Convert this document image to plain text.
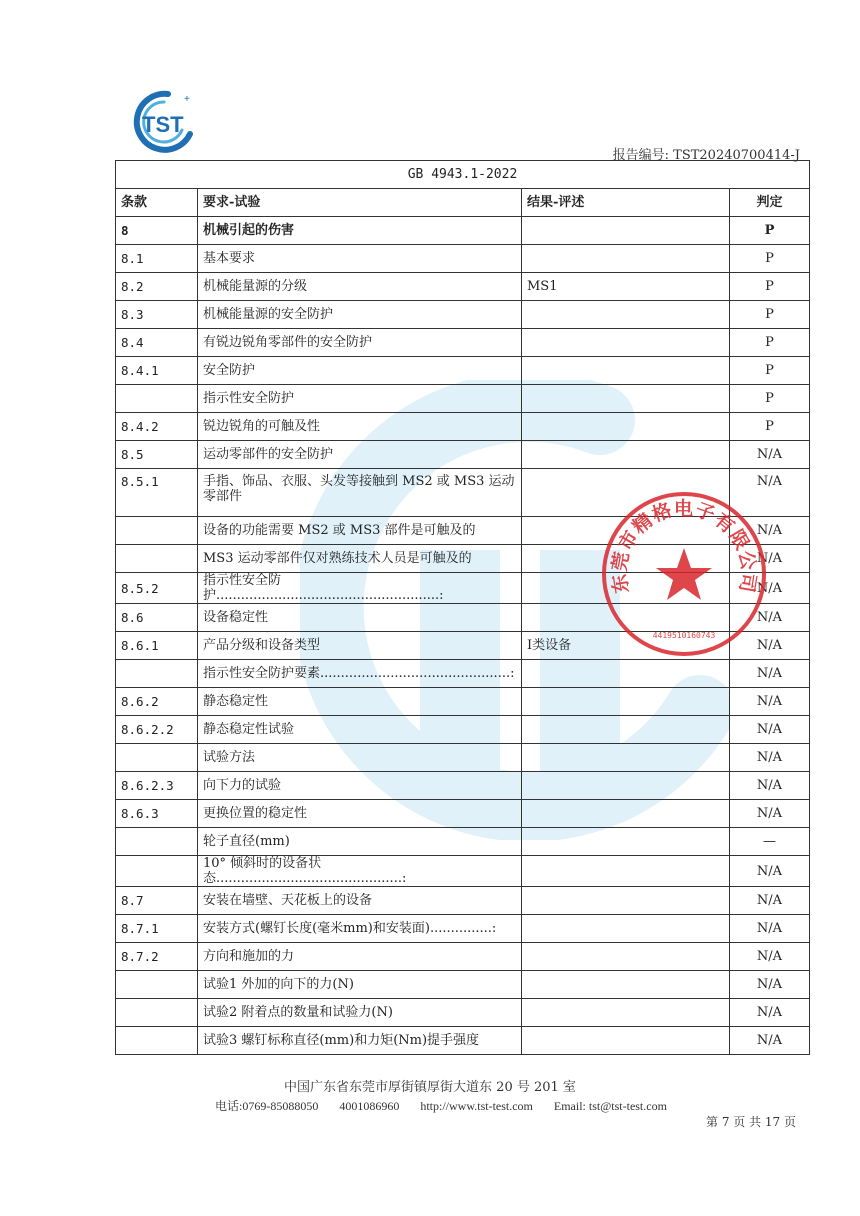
TST
+
报告编号: TST20240700414-J
GB 4943.1-2022			
条款	要求-试验	结果-评述	判定
8	机械引起的伤害		P
8.1	基本要求		P
8.2	机械能量源的分级	MS1	P
8.3	机械能量源的安全防护		P
8.4	有锐边锐角零部件的安全防护		P
8.4.1	安全防护		P
	指示性安全防护		P
8.4.2	锐边锐角的可触及性		P
8.5	运动零部件的安全防护		N/A
8.5.1	手指、饰品、衣服、头发等接触到 MS2 或 MS3 运动零部件		N/A
	设备的功能需要 MS2 或 MS3 部件是可触及的		N/A
	MS3 运动零部件仅对熟练技术人员是可触及的		N/A
8.5.2	指示性安全防护......................................................:		N/A
8.6	设备稳定性		N/A
8.6.1	产品分级和设备类型	I类设备	N/A
	指示性安全防护要素..............................................:		N/A
8.6.2	静态稳定性		N/A
8.6.2.2	静态稳定性试验		N/A
	试验方法		N/A
8.6.2.3	向下力的试验		N/A
8.6.3	更换位置的稳定性		N/A
	轮子直径(mm)		—
	10° 倾斜时的设备状态.............................................:		N/A
8.7	安装在墙壁、天花板上的设备		N/A
8.7.1	安装方式(螺钉长度(毫米mm)和安装面)...............:		N/A
8.7.2	方向和施加的力		N/A
	试验1 外加的向下的力(N)		N/A
	试验2 附着点的数量和试验力(N)		N/A
	试验3 螺钉标称直径(mm)和力矩(Nm)提手强度		N/A
东莞市精格电子有限公司
4419510160743
中国广东省东莞市厚街镇厚街大道东 20 号 201 室
电话:0769-85088050 4001086960 http://www.tst-test.com Email: tst@tst-test.com
第 7 页 共 17 页
